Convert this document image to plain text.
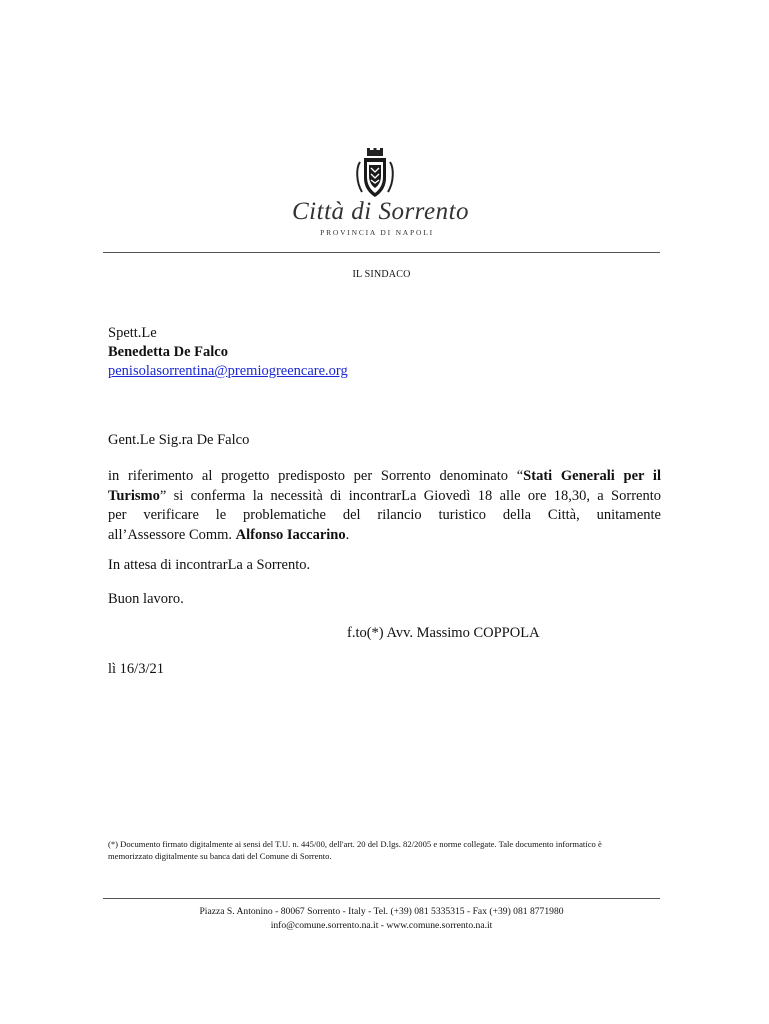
Città di Sorrento
PROVINCIA DI NAPOLI
IL SINDACO
Spett.Le
Benedetta De Falco
penisolasorrentina@premiogreencare.org
Gent.Le Sig.ra De Falco
in riferimento al progetto predisposto per Sorrento denominato “Stati Generali per il
Turismo” si conferma la necessità di incontrarLa Giovedì 18 alle ore 18,30, a Sorrento
per verificare le problematiche del rilancio turistico della Città, unitamente
all’Assessore Comm. Alfonso Iaccarino.
In attesa di incontrarLa a Sorrento.
Buon lavoro.
f.to(*) Avv. Massimo COPPOLA
lì 16/3/21
(*) Documento firmato digitalmente ai sensi del T.U. n. 445/00, dell'art. 20 del D.lgs. 82/2005 e norme collegate. Tale documento informatico è memorizzato digitalmente su banca dati del Comune di Sorrento.
Piazza S. Antonino - 80067 Sorrento - Italy - Tel. (+39) 081 5335315 - Fax (+39) 081 8771980
info@comune.sorrento.na.it - www.comune.sorrento.na.it
